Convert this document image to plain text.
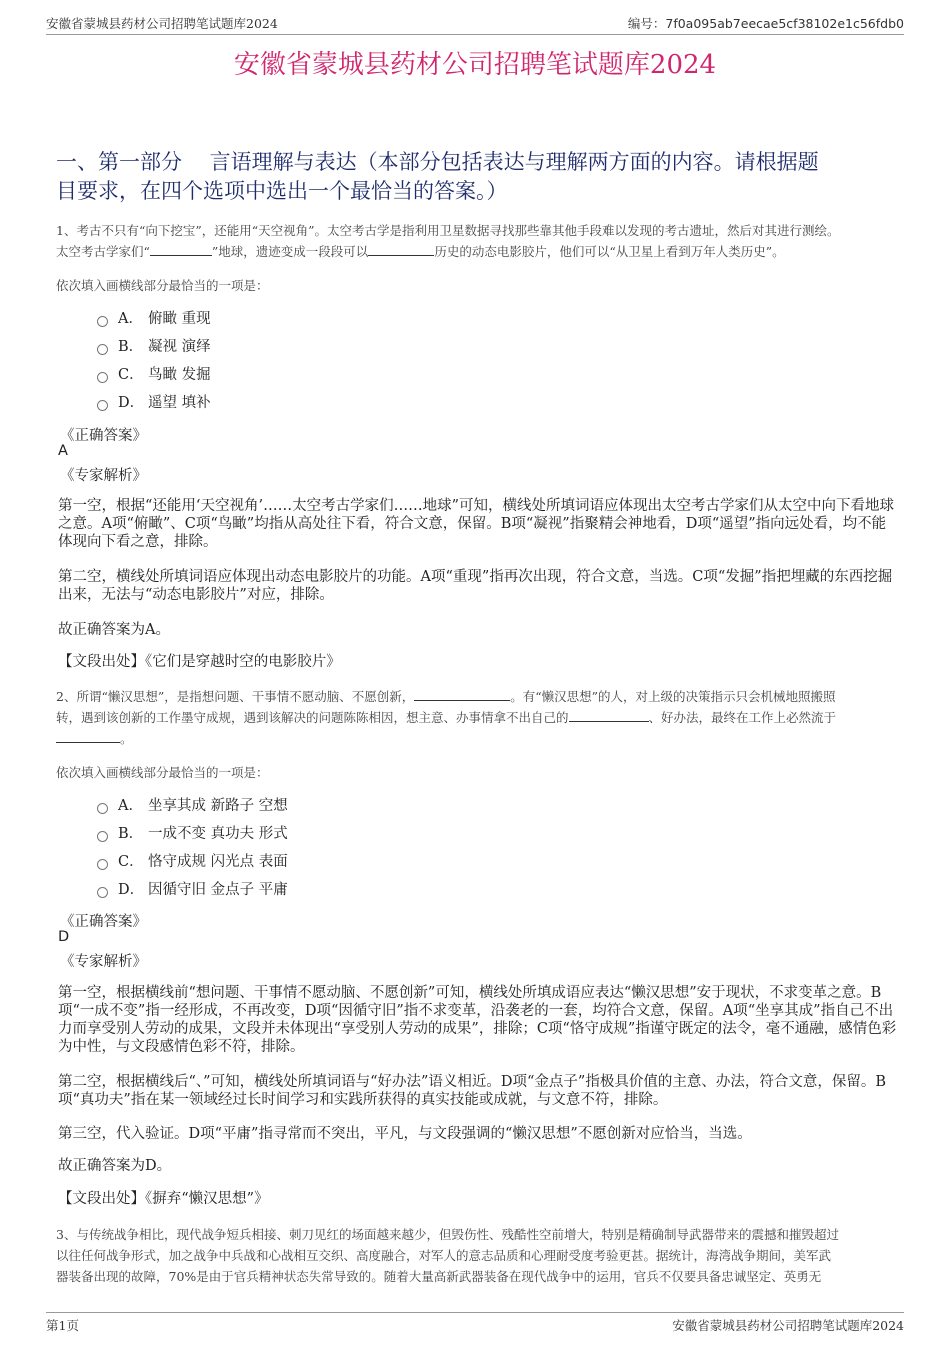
安徽省蒙城县药材公司招聘笔试题库2024	编号：7f0a095ab7eecae5cf38102e1c56fdb0
安徽省蒙城县药材公司招聘笔试题库2024
一、第一部分　 言语理解与表达（本部分包括表达与理解两方面的内容。请根据题
目要求，在四个选项中选出一个最恰当的答案。）
1、考古不只有“向下挖宝”，还能用“天空视角”。太空考古学是指利用卫星数据寻找那些靠其他手段难以发现的考古遗址，然后对其进行测绘。
太空考古学家们“	”地球，遗迹变成一段段可以	历史的动态电影胶片，他们可以“从卫星上看到万年人类历史”。
依次填入画横线部分最恰当的一项是：
A． 俯瞰 重现
B． 凝视 演绎
C． 鸟瞰 发掘
D． 遥望 填补
《正确答案》
A
《专家解析》
第一空，根据“还能用‘天空视角’……太空考古学家们……地球”可知，横线处所填词语应体现出太空考古学家们从太空中向下看地球之意。A项“俯瞰”、C项“鸟瞰”均指从高处往下看，符合文意，保留。B项“凝视”指聚精会神地看，D项“遥望”指向远处看，均不能体现向下看之意，排除。
第二空，横线处所填词语应体现出动态电影胶片的功能。A项“重现”指再次出现，符合文意，当选。C项“发掘”指把埋藏的东西挖掘出来，无法与“动态电影胶片”对应，排除。
故正确答案为A。
【文段出处】《它们是穿越时空的电影胶片》
2、所谓“懒汉思想”，是指想问题、干事情不愿动脑、不愿创新，	。有“懒汉思想”的人，对上级的决策指示只会机械地照搬照
转，遇到该创新的工作墨守成规，遇到该解决的问题陈陈相因，想主意、办事情拿不出自己的	、好办法，最终在工作上必然流于
。
依次填入画横线部分最恰当的一项是：
A． 坐享其成 新路子 空想
B． 一成不变 真功夫 形式
C． 恪守成规 闪光点 表面
D． 因循守旧 金点子 平庸
《正确答案》
D
《专家解析》
第一空，根据横线前“想问题、干事情不愿动脑、不愿创新”可知，横线处所填成语应表达“懒汉思想”安于现状，不求变革之意。B项“一成不变”指一经形成，不再改变，D项“因循守旧”指不求变革，沿袭老的一套，均符合文意，保留。A项“坐享其成”指自己不出力而享受别人劳动的成果，文段并未体现出“享受别人劳动的成果”，排除；C项“恪守成规”指谨守既定的法令，毫不通融，感情色彩为中性，与文段感情色彩不符，排除。
第二空，根据横线后“、”可知，横线处所填词语与“好办法”语义相近。D项“金点子”指极具价值的主意、办法，符合文意，保留。B项“真功夫”指在某一领域经过长时间学习和实践所获得的真实技能或成就，与文意不符，排除。
第三空，代入验证。D项“平庸”指寻常而不突出，平凡，与文段强调的“懒汉思想”不愿创新对应恰当，当选。
故正确答案为D。
【文段出处】《摒弃“懒汉思想”》
3、与传统战争相比，现代战争短兵相接、刺刀见红的场面越来越少，但毁伤性、残酷性空前增大，特别是精确制导武器带来的震撼和摧毁超过
以往任何战争形式，加之战争中兵战和心战相互交织、高度融合，对军人的意志品质和心理耐受度考验更甚。据统计，海湾战争期间，美军武
器装备出现的故障，70%是由于官兵精神状态失常导致的。随着大量高新武器装备在现代战争中的运用，官兵不仅要具备忠诚坚定、英勇无
第1页	安徽省蒙城县药材公司招聘笔试题库2024
